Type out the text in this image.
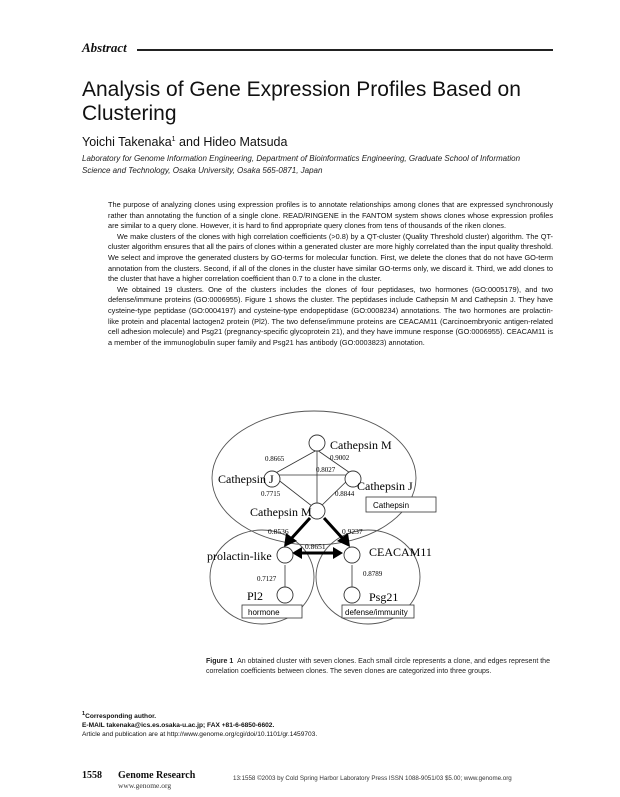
Abstract
Analysis of Gene Expression Profiles Based on Clustering
Yoichi Takenaka$^1$ and Hideo Matsuda
Laboratory for Genome Information Engineering, Department of Bioinformatics Engineering, Graduate School of Information Science and Technology, Osaka University, Osaka 565-0871, Japan

The purpose of analyzing clones using expression profiles is to annotate relationships among clones that are expressed synchronously rather than annotating the function of a single clone. READ/RINGENE in the FANTOM system shows clones whose expression profiles are similar to a query clone. However, it is hard to find appropriate query clones from tens of thousands of the riken clones.

We make clusters of the clones with high correlation coefficients (>0.8) by a QT-cluster (Quality Threshold cluster) algorithm. The QT-cluster algorithm ensures that all the pairs of clones within a generated cluster are more highly correlated than the input quality threshold. We select and improve the generated clusters by GO-terms for molecular function. First, we delete the clones that do not have GO-term annotation from the clusters. Second, if all of the clones in the cluster have similar GO-terms only, we discard it. Third, we add clones to the cluster that have a higher correlation coefficient than 0.7 to a clone in the cluster.

We obtained 19 clusters. One of the clusters includes the clones of four peptidases, two hormones (GO:0005179), and two defense/immune proteins (GO:0006955). Figure 1 shows the cluster. The peptidases include Cathepsin M and Cathepsin J. They have cysteine-type peptidase (GO:0004197) and cysteine-type endopeptidase (GO:0008234) annotations. The two hormones are prolactin-like protein and placental lactogen2 protein (Pl2). The two defense/immune proteins are CEACAM11 (Carcinoembryonic antigen-related cell adhesion molecule) and Psg21 (pregnancy-specific glycoprotein 21), and they have immune response (GO:0006955). CEACAM11 is a member of the immunoglobulin super family and Psg21 has antibody (GO:0003823) annotation.

Cathepsin M
Cathepsin J	Cathepsin J
Cathepsin M
prolactin-like	CEACAM11
Pl2	Psg21
0.8665	0.9002
0.8027
0.7715	0.8844
0.8536	0.9237
0.8651
0.7127
0.8789
Cathepsin
hormone	defense/immunity
Figure 1 An obtained cluster with seven clones. Each small circle represents a clone, and edges represent the correlation coefficients between clones. The seven clones are categorized into three groups.
$^1$Corresponding author.
E-MAIL takenaka@ics.es.osaka-u.ac.jp; FAX +81-6-6850-6602.
Article and publication are at http://www.genome.org/cgi/doi/10.1101/gr.1459703.
1558 Genome Research
www.genome.org
13:1558 ©2003 by Cold Spring Harbor Laboratory Press ISSN 1088-9051/03 $5.00; www.genome.org
